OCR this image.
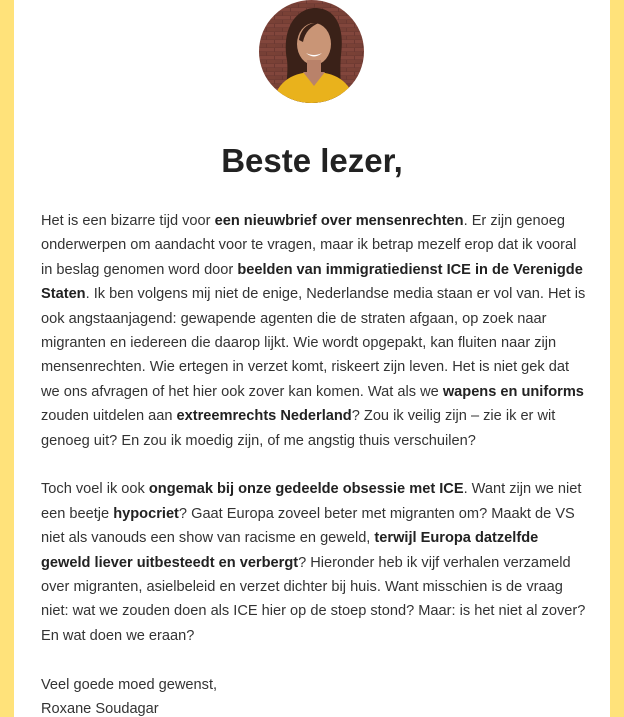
Beste lezer,

Het is een bizarre tijd voor een nieuwbrief over mensenrechten. Er zijn genoeg onderwerpen om aandacht voor te vragen, maar ik betrap mezelf erop dat ik vooral in beslag genomen word door beelden van immigratiedienst ICE in de Verenigde Staten. Ik ben volgens mij niet de enige, Nederlandse media staan er vol van. Het is ook angstaanjagend: gewapende agenten die de straten afgaan, op zoek naar migranten en iedereen die daarop lijkt. Wie wordt opgepakt, kan fluiten naar zijn mensenrechten. Wie ertegen in verzet komt, riskeert zijn leven. Het is niet gek dat we ons afvragen of het hier ook zover kan komen. Wat als we wapens en uniforms zouden uitdelen aan extreemrechts Nederland? Zou ik veilig zijn – zie ik er wit genoeg uit? En zou ik moedig zijn, of me angstig thuis verschuilen?

Toch voel ik ook ongemak bij onze gedeelde obsessie met ICE. Want zijn we niet een beetje hypocriet? Gaat Europa zoveel beter met migranten om? Maakt de VS niet als vanouds een show van racisme en geweld, terwijl Europa datzelfde geweld liever uitbesteedt en verbergt? Hieronder heb ik vijf verhalen verzameld over migranten, asielbeleid en verzet dichter bij huis. Want misschien is de vraag niet: wat we zouden doen als ICE hier op de stoep stond? Maar: is het niet al zover? En wat doen we eraan?

Veel goede moed gewenst,
Roxane Soudagar
